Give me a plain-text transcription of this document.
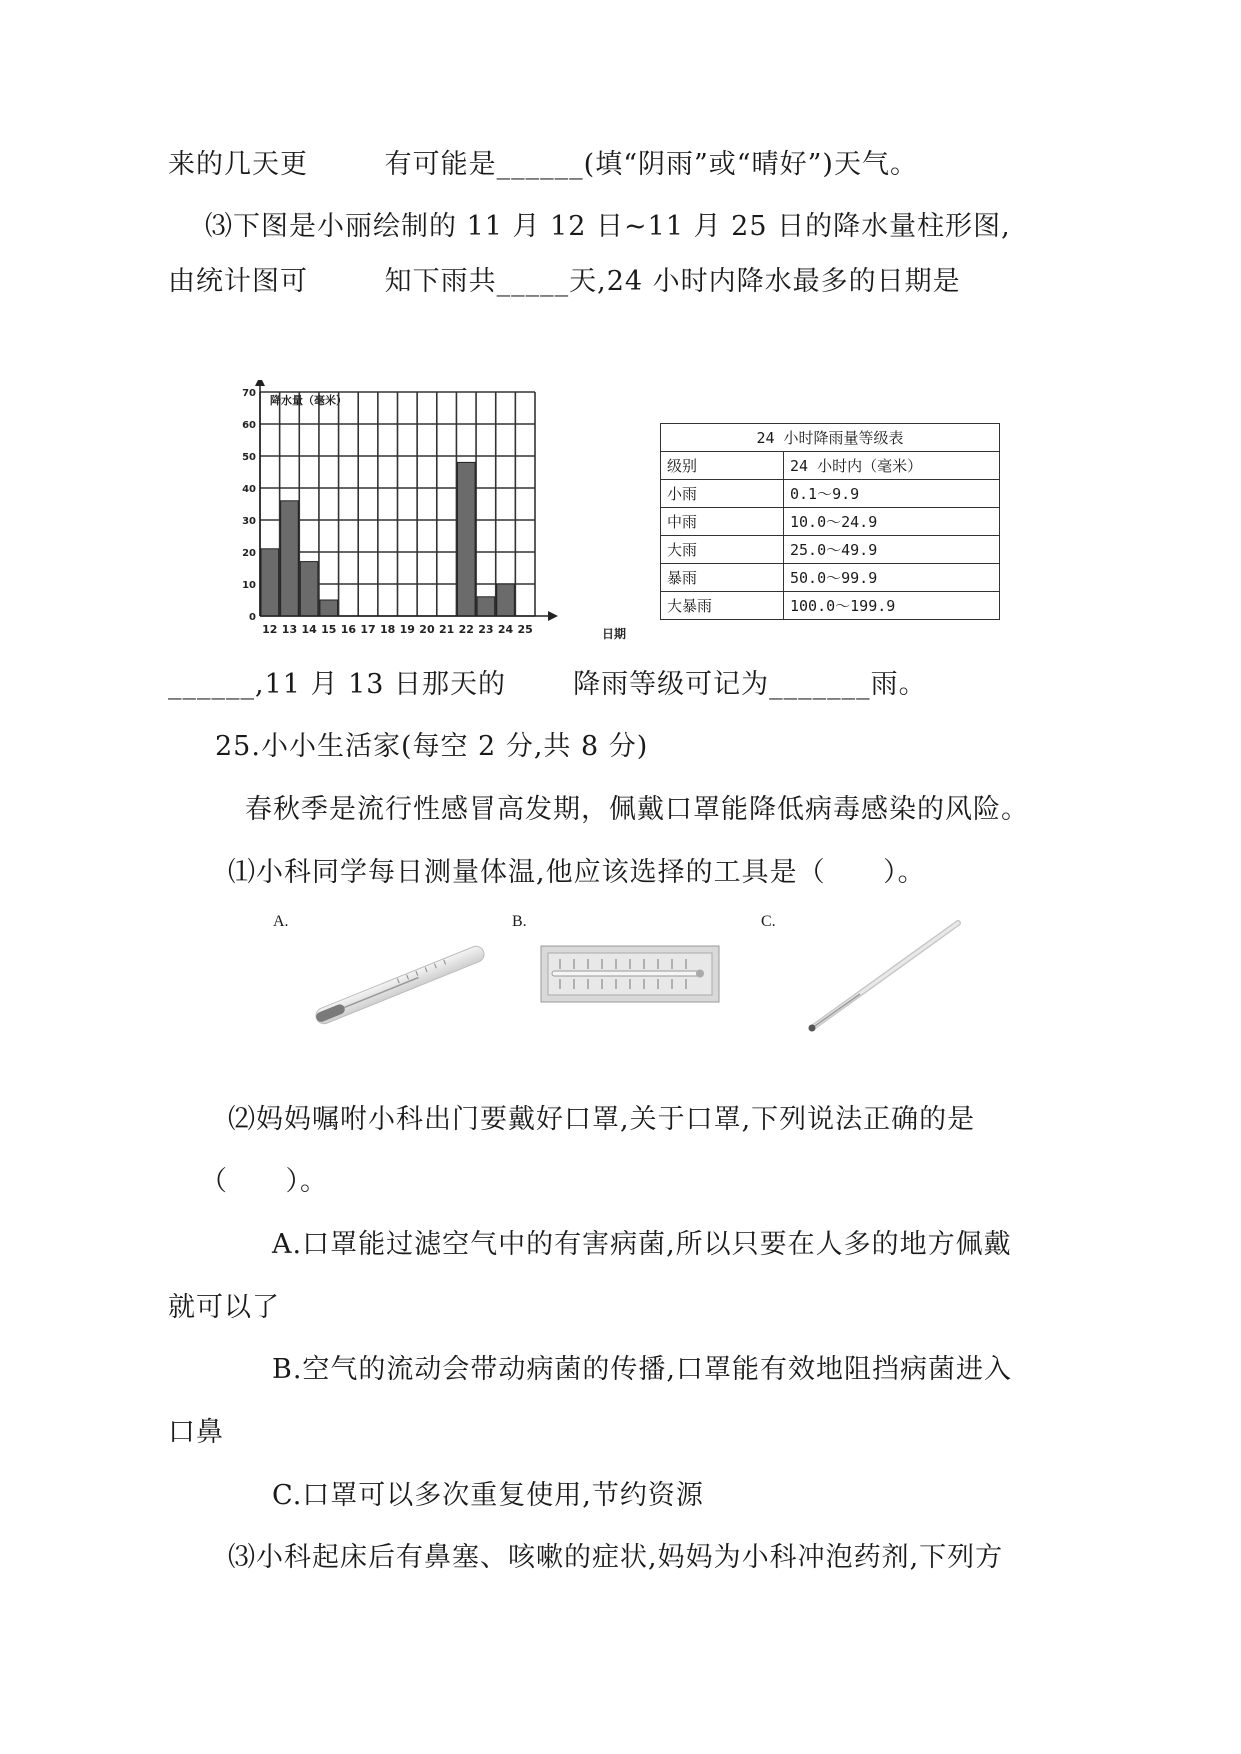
来的几天更        有可能是______(填“阴雨”或“晴好”)天气。
⑶下图是小丽绘制的 11 月 12 日~11 月 25 日的降水量柱形图,
由统计图可        知下雨共_____天,24 小时内降水最多的日期是
0
10
20
30
40
50
60
70
12 13 14 15 16 17 18 19 20 21 22 23 24 25
降水量（毫米）
日期
24 小时降雨量等级表	
级别	24 小时内（毫米）
小雨	0.1～9.9
中雨	10.0～24.9
大雨	25.0～49.9
暴雨	50.0～99.9
大暴雨	100.0～199.9
______,11 月 13 日那天的       降雨等级可记为_______雨。
25.小小生活家(每空 2 分,共 8 分)
春秋季是流行性感冒高发期，佩戴口罩能降低病毒感染的风险。
⑴小科同学每日测量体温,他应该选择的工具是（      ）。
A.	B.	C.
⑵妈妈嘱咐小科出门要戴好口罩,关于口罩,下列说法正确的是
（      ）。
A.口罩能过滤空气中的有害病菌,所以只要在人多的地方佩戴
就可以了
B.空气的流动会带动病菌的传播,口罩能有效地阻挡病菌进入
口鼻
C.口罩可以多次重复使用,节约资源
⑶小科起床后有鼻塞、咳嗽的症状,妈妈为小科冲泡药剂,下列方
